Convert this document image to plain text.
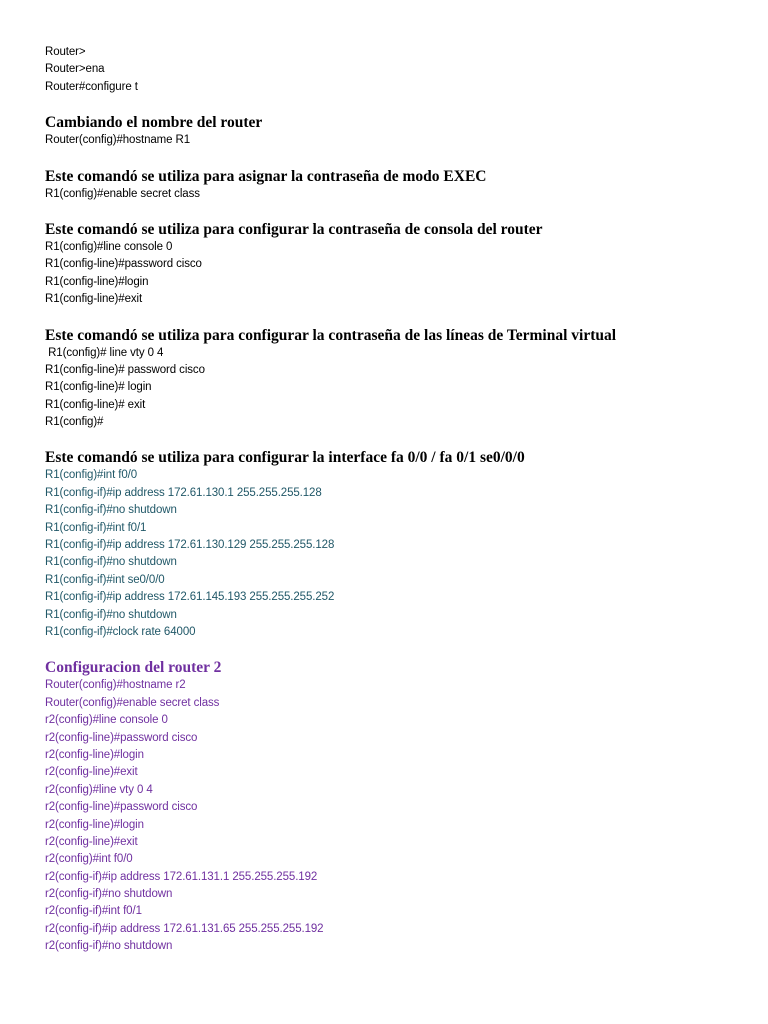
Router>
Router>ena
Router#configure t
Cambiando el nombre del router
Router(config)#hostname R1
Este comandó se utiliza para asignar la contraseña de modo EXEC
R1(config)#enable secret class
Este comandó se utiliza para configurar la contraseña de consola del router
R1(config)#line console 0
R1(config-line)#password cisco
R1(config-line)#login
R1(config-line)#exit
Este comandó se utiliza para configurar la contraseña de las líneas de Terminal virtual
R1(config)# line vty 0 4
R1(config-line)# password cisco
R1(config-line)# login
R1(config-line)# exit
R1(config)#
Este comandó se utiliza para configurar la interface fa 0/0 / fa 0/1 se0/0/0
R1(config)#int f0/0
R1(config-if)#ip address 172.61.130.1 255.255.255.128
R1(config-if)#no shutdown
R1(config-if)#int f0/1
R1(config-if)#ip address 172.61.130.129 255.255.255.128
R1(config-if)#no shutdown
R1(config-if)#int se0/0/0
R1(config-if)#ip address 172.61.145.193 255.255.255.252
R1(config-if)#no shutdown
R1(config-if)#clock rate 64000
Configuracion del router 2
Router(config)#hostname r2
Router(config)#enable secret class
r2(config)#line console 0
r2(config-line)#password cisco
r2(config-line)#login
r2(config-line)#exit
r2(config)#line vty 0 4
r2(config-line)#password cisco
r2(config-line)#login
r2(config-line)#exit
r2(config)#int f0/0
r2(config-if)#ip address 172.61.131.1 255.255.255.192
r2(config-if)#no shutdown
r2(config-if)#int f0/1
r2(config-if)#ip address 172.61.131.65 255.255.255.192
r2(config-if)#no shutdown
